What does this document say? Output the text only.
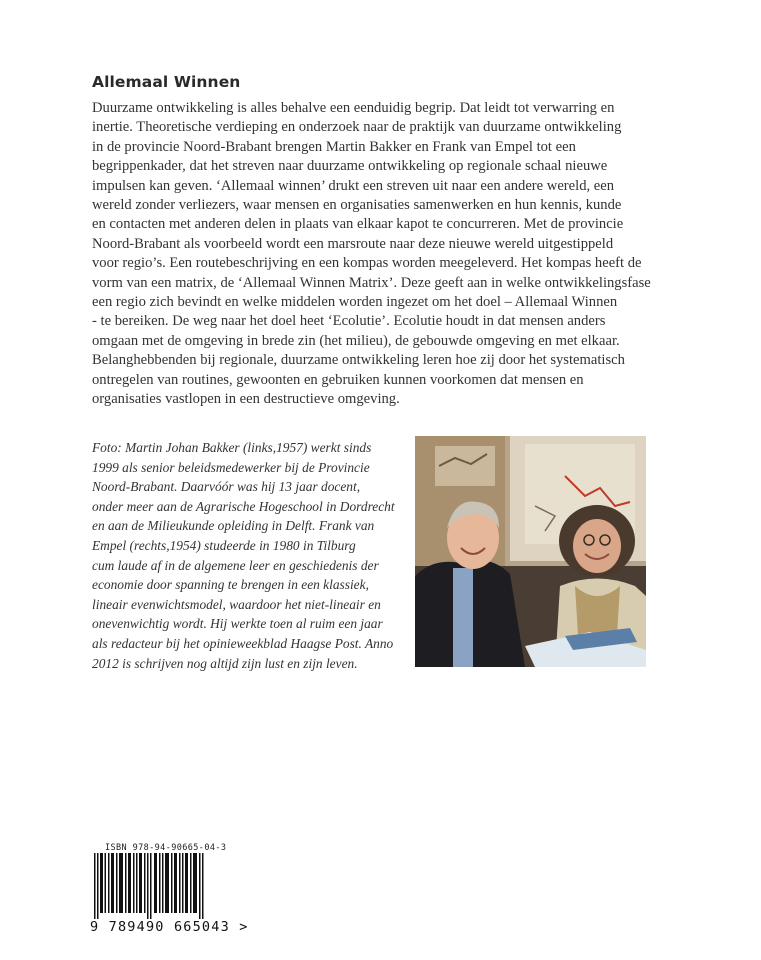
Allemaal Winnen
Duurzame ontwikkeling is alles behalve een eenduidig begrip. Dat leidt tot verwarring en
inertie. Theoretische verdieping en onderzoek naar de praktijk van duurzame ontwikkeling
in de provincie Noord-Brabant brengen Martin Bakker en Frank van Empel tot een
begrippenkader, dat het streven naar duurzame ontwikkeling op regionale schaal nieuwe
impulsen kan geven. ‘Allemaal winnen’ drukt een streven uit naar een andere wereld, een
wereld zonder verliezers, waar mensen en organisaties samenwerken en hun kennis, kunde
en contacten met anderen delen in plaats van elkaar kapot te concurreren. Met de provincie
Noord-Brabant als voorbeeld wordt een marsroute naar deze nieuwe wereld uitgestippeld
voor regio’s. Een routebeschrijving en een kompas worden meegeleverd. Het kompas heeft de
vorm van een matrix, de ‘Allemaal Winnen Matrix’. Deze geeft aan in welke ontwikkelingsfase
een regio zich bevindt en welke middelen worden ingezet om het doel – Allemaal Winnen
- te bereiken. De weg naar het doel heet ‘Ecolutie’. Ecolutie houdt in dat mensen anders
omgaan met de omgeving in brede zin (het milieu), de gebouwde omgeving en met elkaar.
Belanghebbenden bij regionale, duurzame ontwikkeling leren hoe zij door het systematisch
ontregelen van routines, gewoonten en gebruiken kunnen voorkomen dat mensen en
organisaties vastlopen in een destructieve omgeving.
Foto: Martin Johan Bakker (links,1957) werkt sinds
1999 als senior beleidsmedewerker bij de Provincie
Noord-Brabant. Daarvóór was hij 13 jaar docent,
onder meer aan de Agrarische Hogeschool in Dordrecht
en aan de Milieukunde opleiding in Delft. Frank van
Empel (rechts,1954) studeerde in 1980 in Tilburg
cum laude af in de algemene leer en geschiedenis der
economie door spanning te brengen in een klassiek,
lineair evenwichtsmodel, waardoor het niet-lineair en
onevenwichtig wordt. Hij werkte toen al ruim een jaar
als redacteur bij het opinieweekblad Haagse Post. Anno
2012 is schrijven nog altijd zijn lust en zijn leven.
ISBN 978-94-90665-04-3
9 789490 665043 >
